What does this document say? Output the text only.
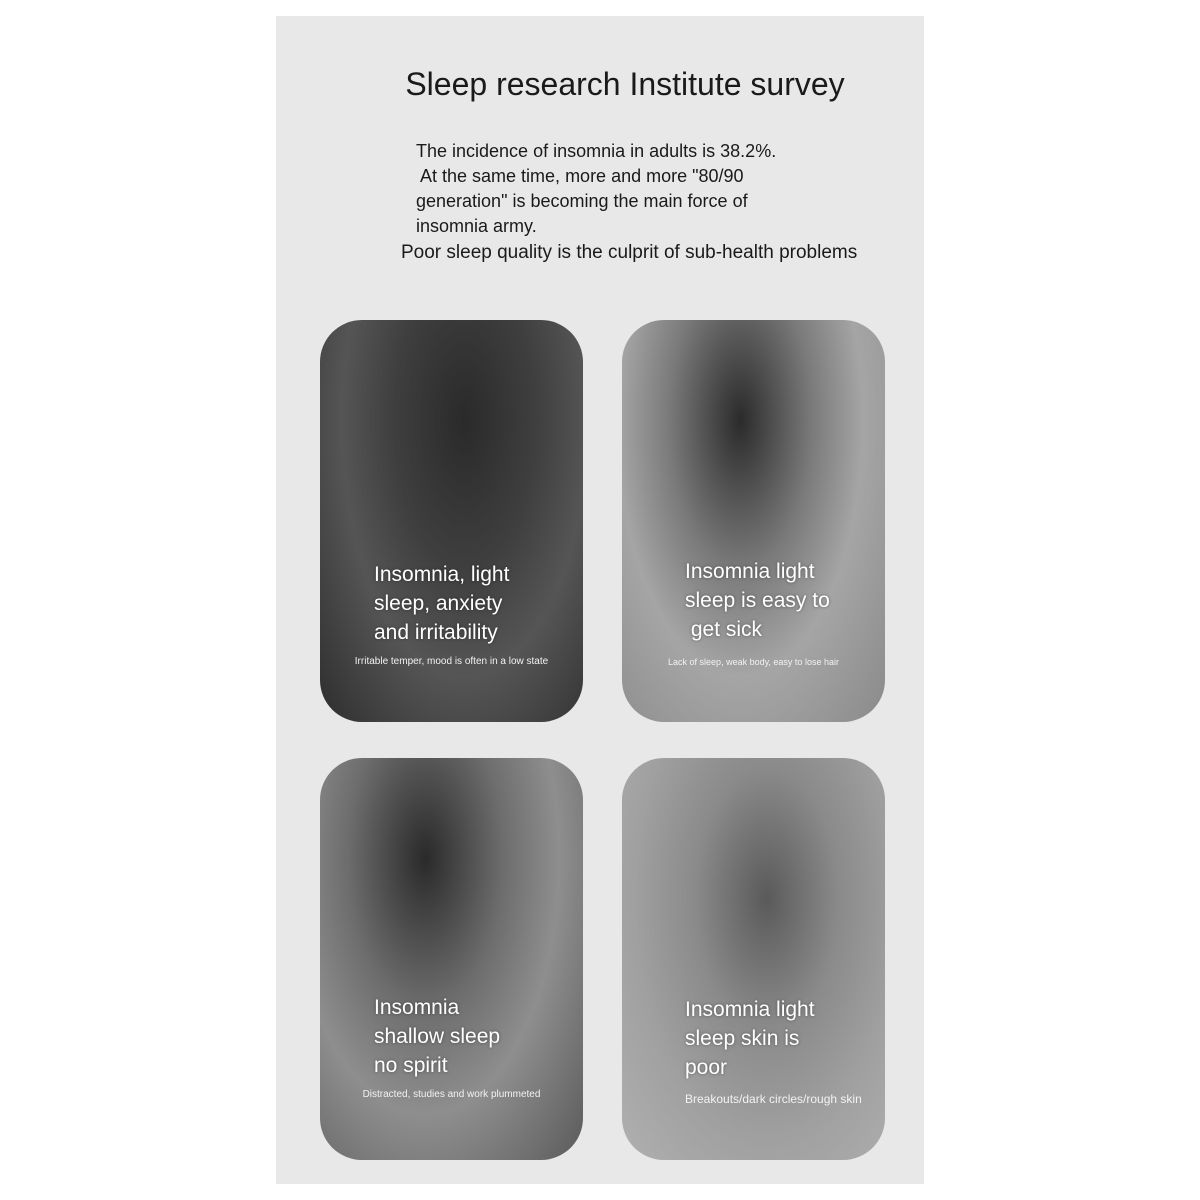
Sleep research Institute survey
The incidence of insomnia in adults is 38.2%.
At the same time, more and more "80/90
generation" is becoming the main force of
insomnia army.
Poor sleep quality is the culprit of sub-health problems
Insomnia, light
sleep, anxiety
and irritability
Irritable temper, mood is often in a low state
Insomnia light
sleep is easy to
get sick
Lack of sleep, weak body, easy to lose hair
Insomnia
shallow sleep
no spirit
Distracted, studies and work plummeted
Insomnia light
sleep skin is
poor
Breakouts/dark circles/rough skin
